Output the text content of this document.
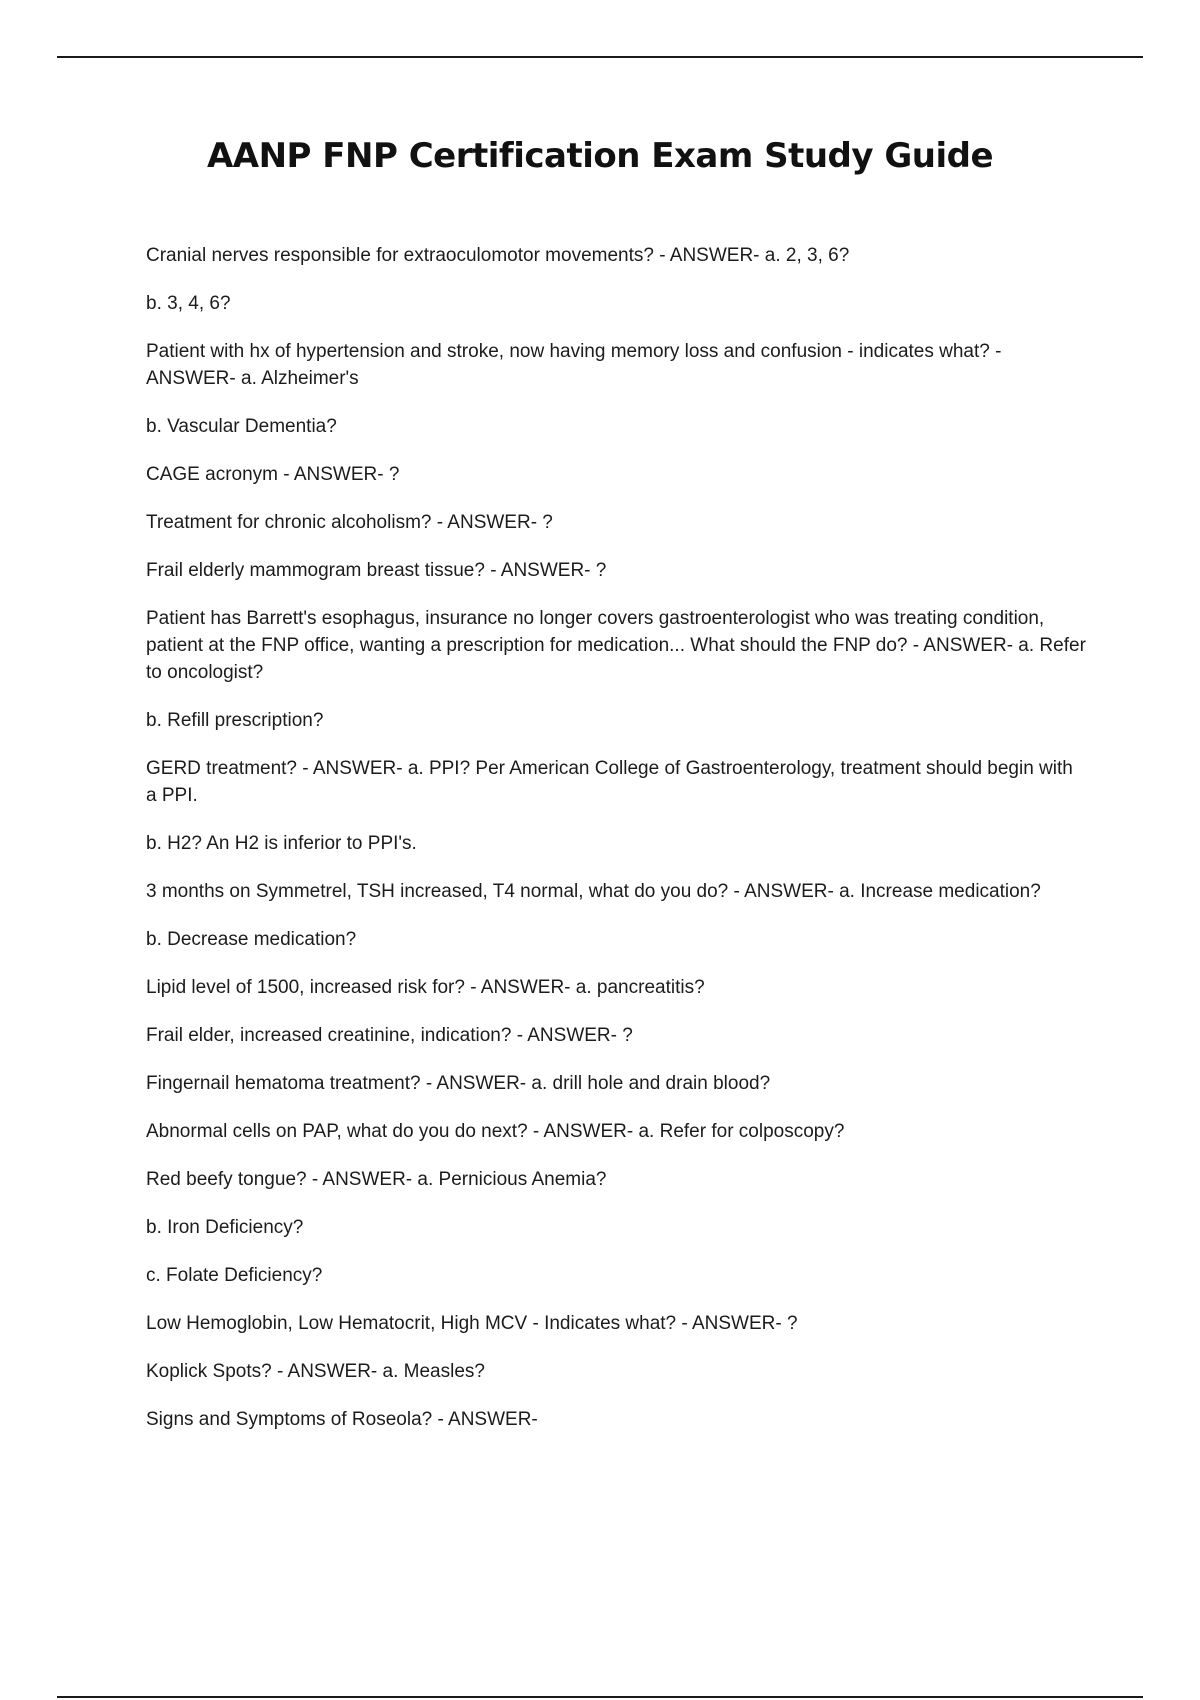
AANP FNP Certification Exam Study Guide

Cranial nerves responsible for extraoculomotor movements? - ANSWER- a. 2, 3, 6?

b. 3, 4, 6?

Patient with hx of hypertension and stroke, now having memory loss and confusion - indicates what? - ANSWER- a. Alzheimer's

b. Vascular Dementia?

CAGE acronym - ANSWER- ?

Treatment for chronic alcoholism? - ANSWER- ?

Frail elderly mammogram breast tissue? - ANSWER- ?

Patient has Barrett's esophagus, insurance no longer covers gastroenterologist who was treating condition, patient at the FNP office, wanting a prescription for medication... What should the FNP do? - ANSWER- a. Refer to oncologist?

b. Refill prescription?

GERD treatment? - ANSWER- a. PPI? Per American College of Gastroenterology, treatment should begin with a PPI.

b. H2? An H2 is inferior to PPI's.

3 months on Symmetrel, TSH increased, T4 normal, what do you do? - ANSWER- a. Increase medication?

b. Decrease medication?

Lipid level of 1500, increased risk for? - ANSWER- a. pancreatitis?

Frail elder, increased creatinine, indication? - ANSWER- ?

Fingernail hematoma treatment? - ANSWER- a. drill hole and drain blood?

Abnormal cells on PAP, what do you do next? - ANSWER- a. Refer for colposcopy?

Red beefy tongue? - ANSWER- a. Pernicious Anemia?

b. Iron Deficiency?

c. Folate Deficiency?

Low Hemoglobin, Low Hematocrit, High MCV - Indicates what? - ANSWER- ?

Koplick Spots? - ANSWER- a. Measles?

Signs and Symptoms of Roseola? - ANSWER-
